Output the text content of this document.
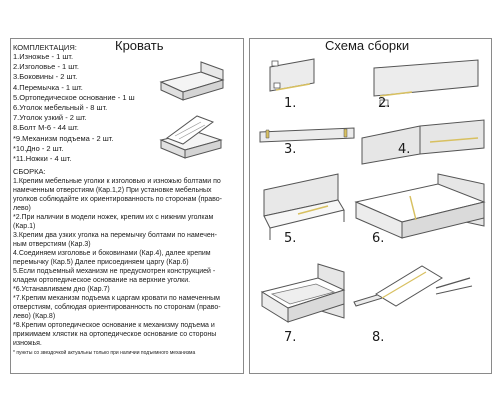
Кровать
КОМПЛЕКТАЦИЯ:
1.Изножье - 1 шт.
2.Изголовье - 1 шт.
3.Боковины - 2 шт.
4.Перемычка - 1 шт.
5.Ортопедическое основание - 1 ш
6.Уголок мебельный - 8 шт.
7.Уголок узкий - 2 шт.
8.Болт М-6 - 44 шт.
*9.Механизм подъема - 2 шт.
*10.Дно - 2 шт.
*11.Ножки - 4 шт.
СБОРКА:
1.Крепим мебельные уголки к изголовью и изножью болтами по
намеченным отверстиям (Кар.1,2) При установке мебельных
уголков соблюдайте их ориентированность по сторонам (право-
лево)
*2.При наличии в модели ножек, крепим их с нижним уголкам
(Кар.1)
3.Крепим два узких уголка на перемычку болтами по намечен-
ным отверстиям (Кар.3)
4.Соединяем изголовье и боковинами (Кар.4), далее крепим
перемычку (Кар.5) Далее присоединяем царгу (Кар.6)
5.Если подъемный механизм не предусмотрен конструкцией -
кладем ортопедическое основание на верхние уголки.
*6.Устанавливаем дно (Кар.7)
*7.Крепим механизм подъема к царгам кровати по намеченным
отверстиям, соблюдая ориентированность по сторонам (право-
лево) (Кар.8)
*8.Крепим ортопедическое основание к механизму подъема и
прижимаем хлястик на ортопедическое основание со стороны
изножья.
* пункты со звездочкой актуальны только при наличии подъемного механизма
Схема сборки
1.	2.
3.	4.
5.	6.
7.	8.
